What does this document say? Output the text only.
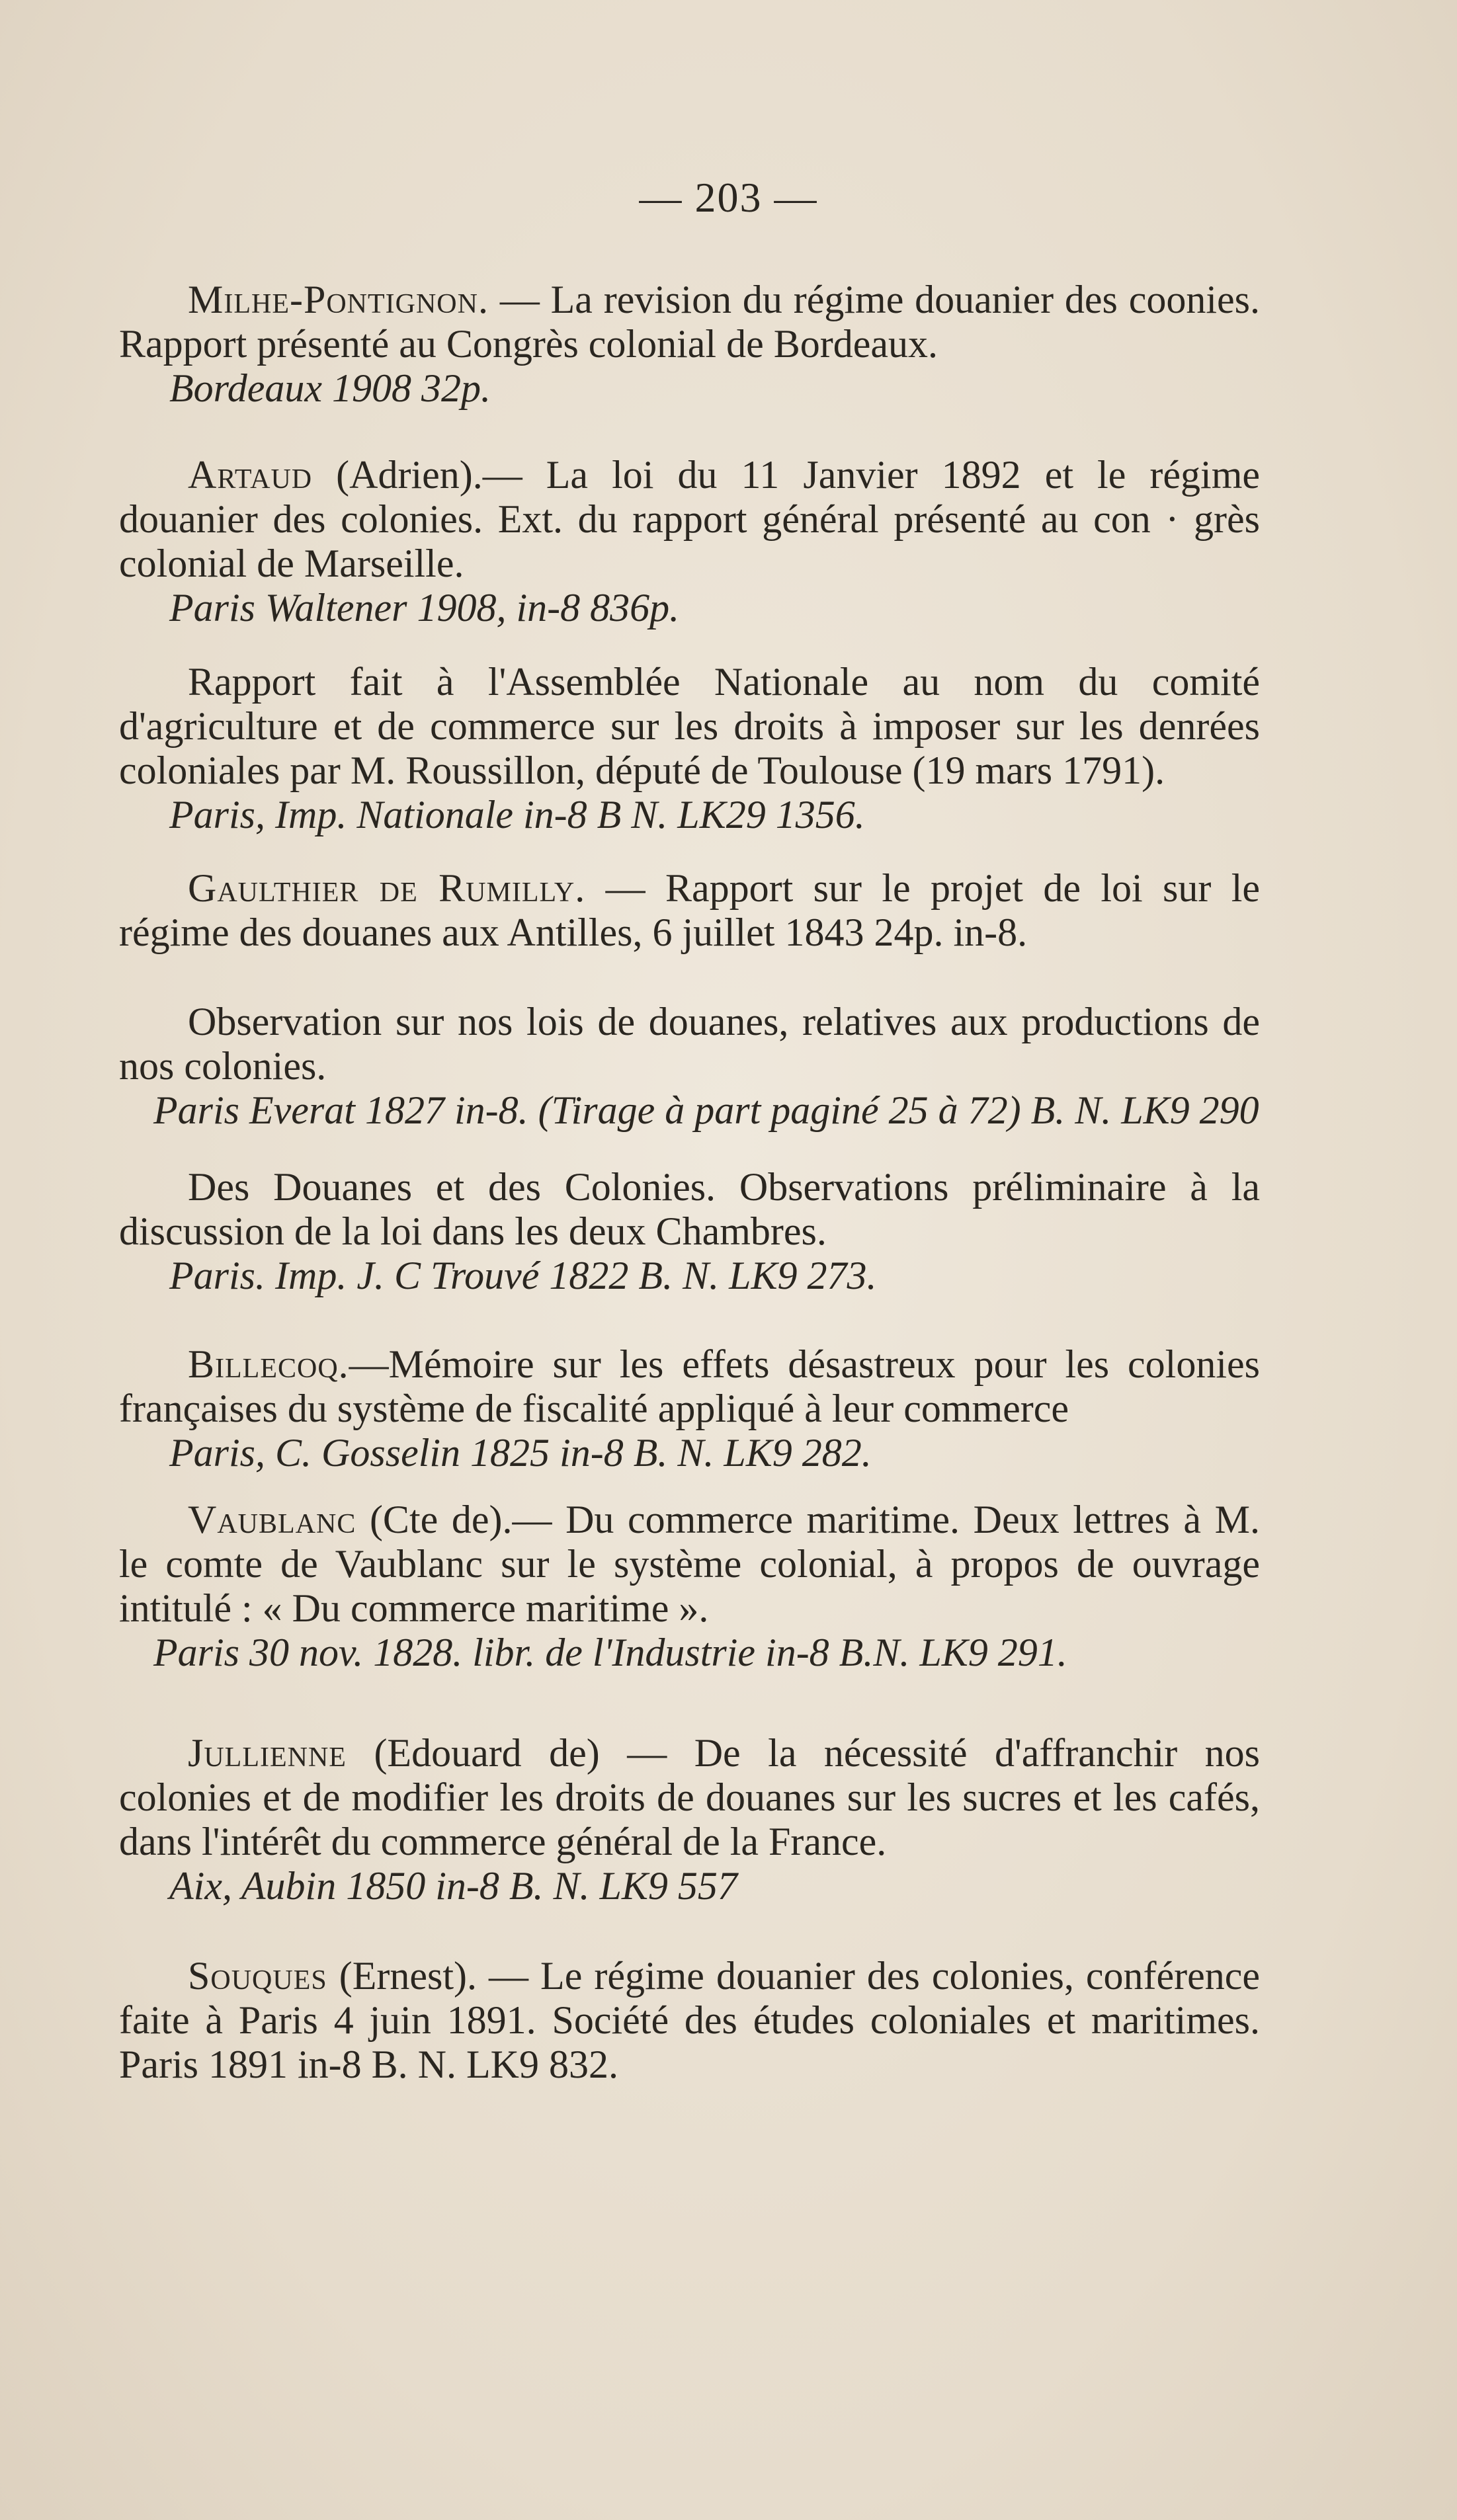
— 203 —

Milhe-Pontignon. — La revision du régime douanier des coonies. Rapport présenté au Congrès colonial de Bordeaux.

Bordeaux 1908 32p.

Artaud (Adrien).— La loi du 11 Janvier 1892 et le régime douanier des colonies. Ext. du rapport général présenté au con · grès colonial de Marseille.

Paris Waltener 1908, in-8 836p.

Rapport fait à l'Assemblée Nationale au nom du comité d'agriculture et de commerce sur les droits à imposer sur les denrées coloniales par M. Roussillon, député de Toulouse (19 mars 1791).

Paris, Imp. Nationale in-8 B N. LK29 1356.

Gaulthier de Rumilly. — Rapport sur le projet de loi sur le régime des douanes aux Antilles, 6 juillet 1843 24p. in-8.

Observation sur nos lois de douanes, relatives aux productions de nos colonies.

Paris Everat 1827 in-8. (Tirage à part paginé 25 à 72) B. N. LK9 290

Des Douanes et des Colonies. Observations préliminaire à la discussion de la loi dans les deux Chambres.

Paris. Imp. J. C Trouvé 1822 B. N. LK9 273.

Billecoq.—Mémoire sur les effets désastreux pour les colonies françaises du système de fiscalité appliqué à leur commerce

Paris, C. Gosselin 1825 in-8 B. N. LK9 282.

Vaublanc (Cte de).— Du commerce maritime. Deux lettres à M. le comte de Vaublanc sur le système colonial, à propos de ouvrage intitulé : « Du commerce maritime ».

Paris 30 nov. 1828. libr. de l'Industrie in-8 B.N. LK9 291.

Jullienne (Edouard de) — De la nécessité d'affranchir nos colonies et de modifier les droits de douanes sur les sucres et les cafés, dans l'intérêt du commerce général de la France.

Aix, Aubin 1850 in-8 B. N. LK9 557

Souques (Ernest). — Le régime douanier des colonies, conférence faite à Paris 4 juin 1891. Société des études coloniales et maritimes. Paris 1891 in-8 B. N. LK9 832.
